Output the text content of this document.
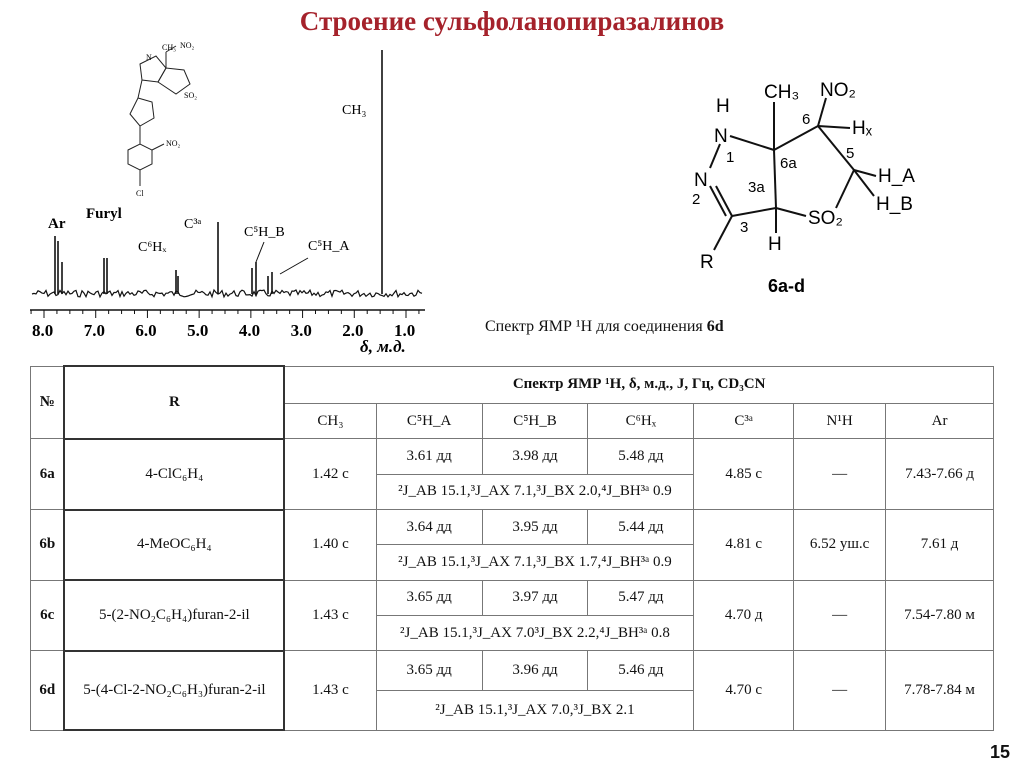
Строение сульфоланопиразалинов
N
CH₃ NO₂
SO₂
NO₂
Cl
Ar
Furyl
C⁶Hₓ
C³ᵃ
C⁵H_B
C⁵H_A
CH₃
8.0 7.0 6.0 5.0 4.0 3.0 2.0 1.0
δ, м.д.
H
N
1
N
2
CH₃ NO₂
6 Hₓ
6a
5
H_A
3a
H_B
3	SO₂
H
R
6a-d
Спектр ЯМР ¹H для соединения 6d
№	R	Спектр ЯМР ¹H, δ, м.д., J, Гц, CD₃CN						
		CH₃	C⁵H_A	C⁵H_B	C⁶Hₓ	C³ᵃ	N¹H	Ar
6a	4-ClC₆H₄	1.42 с	3.61 дд	3.98 дд	5.48 дд	4.85 с	—	7.43-7.66 д
			²J_AB 15.1,³J_AX 7.1,³J_BX 2.0,⁴J_BH³ᵃ 0.9					
6b	4-MeOC₆H₄	1.40 с	3.64 дд	3.95 дд	5.44 дд	4.81 с	6.52 уш.с	7.61 д
			²J_AB 15.1,³J_AX 7.1,³J_BX 1.7,⁴J_BH³ᵃ 0.9					
6c	5-(2-NO₂C₆H₄)furan-2-il	1.43 с	3.65 дд	3.97 дд	5.47 дд	4.70 д	—	7.54-7.80 м
			²J_AB 15.1,³J_AX 7.0³J_BX 2.2,⁴J_BH³ᵃ 0.8					
6d	5-(4-Cl-2-NO₂C₆H₃)furan-2-il	1.43 с	3.65 дд	3.96 дд	5.46 дд	4.70 с	—	7.78-7.84 м
			²J_AB 15.1,³J_AX 7.0,³J_BX 2.1					
15
